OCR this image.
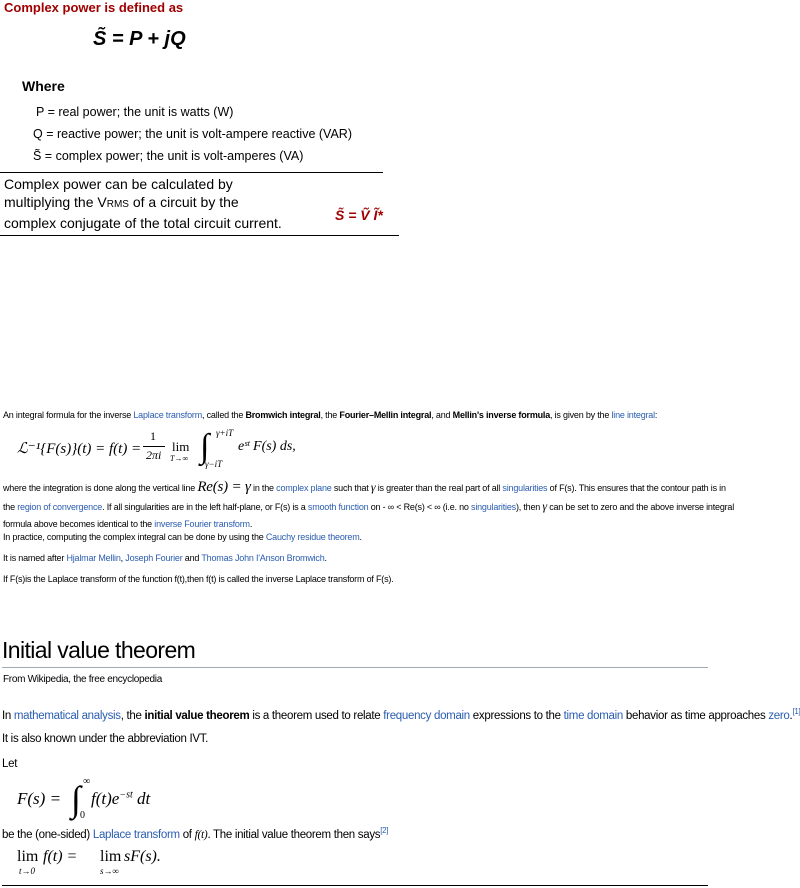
Complex power is defined as
S̃ = P + jQ
Where
P = real power; the unit is watts (W)
Q = reactive power; the unit is volt-ampere reactive (VAR)
S̃ = complex power; the unit is volt-amperes (VA)
Complex power can be calculated by
multiplying the VRMS of a circuit by the
complex conjugate of the total circuit current.	S̃ = Ṽ Ĩ*
An integral formula for the inverse Laplace transform, called the Bromwich integral, the Fourier–Mellin integral, and Mellin's inverse formula, is given by the line integral:
ℒ⁻¹{F(s)}(t) = f(t) =
1
2πi
lim
T→∞ ∫ γ+iT
γ−iT
eˢᵗ F(s) ds,
where the integration is done along the vertical line Re(s) = γ in the complex plane such that γ is greater than the real part of all singularities of F(s). This ensures that the contour path is in
the region of convergence. If all singularities are in the left half-plane, or F(s) is a smooth function on - ∞ < Re(s) < ∞ (i.e. no singularities), then γ can be set to zero and the above inverse integral
formula above becomes identical to the inverse Fourier transform.
In practice, computing the complex integral can be done by using the Cauchy residue theorem.
It is named after Hjalmar Mellin, Joseph Fourier and Thomas John I'Anson Bromwich.
If F(s)is the Laplace transform of the function f(t),then f(t) is called the inverse Laplace transform of F(s).
Initial value theorem
From Wikipedia, the free encyclopedia
In mathematical analysis, the initial value theorem is a theorem used to relate frequency domain expressions to the time domain behavior as time approaches zero.[1]
It is also known under the abbreviation IVT.
Let
F(s) = ∫ ∞
0
$f(t)e^{-st}$ dt
be the (one-sided) Laplace transform of f(t). The initial value theorem then says[2]
lim
t→0
f(t) = lim
s→∞
sF(s).
